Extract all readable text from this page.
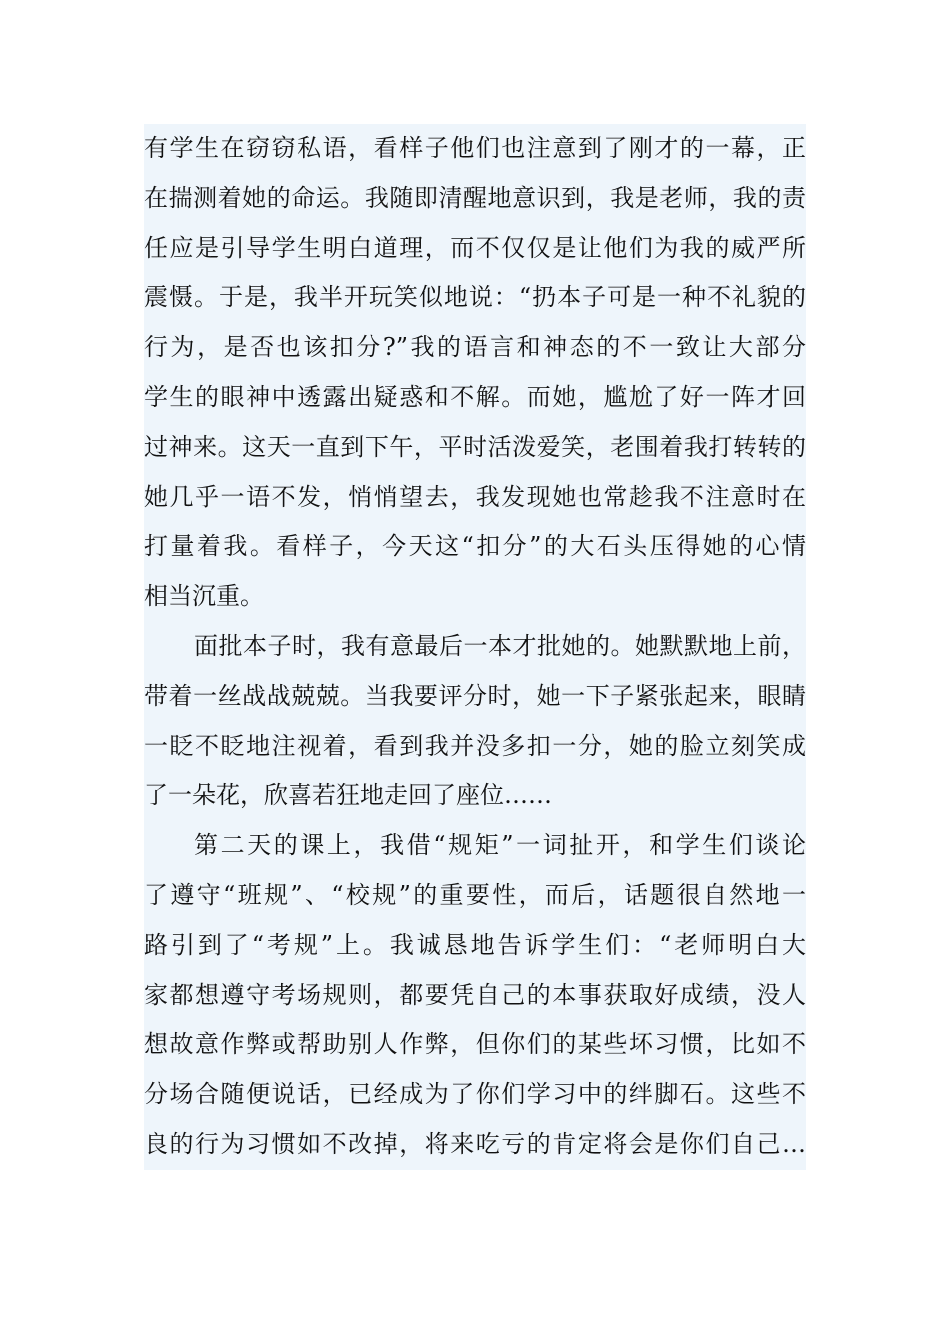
有学生在窃窃私语，看样子他们也注意到了刚才的一幕，正
在揣测着她的命运。我随即清醒地意识到，我是老师，我的责
任应是引导学生明白道理，而不仅仅是让他们为我的威严所
震慑。于是，我半开玩笑似地说：“扔本子可是一种不礼貌的
行为，是否也该扣分?”我的语言和神态的不一致让大部分
学生的眼神中透露出疑惑和不解。而她，尴尬了好一阵才回
过神来。这天一直到下午，平时活泼爱笑，老围着我打转转的
她几乎一语不发，悄悄望去，我发现她也常趁我不注意时在
打量着我。看样子，今天这“扣分”的大石头压得她的心情
相当沉重。
面批本子时，我有意最后一本才批她的。她默默地上前，
带着一丝战战兢兢。当我要评分时，她一下子紧张起来，眼睛
一眨不眨地注视着，看到我并没多扣一分，她的脸立刻笑成
了一朵花，欣喜若狂地走回了座位……
第二天的课上，我借“规矩”一词扯开，和学生们谈论
了遵守“班规”、“校规”的重要性，而后，话题很自然地一
路引到了“考规”上。我诚恳地告诉学生们：“老师明白大
家都想遵守考场规则，都要凭自己的本事获取好成绩，没人
想故意作弊或帮助别人作弊，但你们的某些坏习惯，比如不
分场合随便说话，已经成为了你们学习中的绊脚石。这些不
良的行为习惯如不改掉，将来吃亏的肯定将会是你们自己…
